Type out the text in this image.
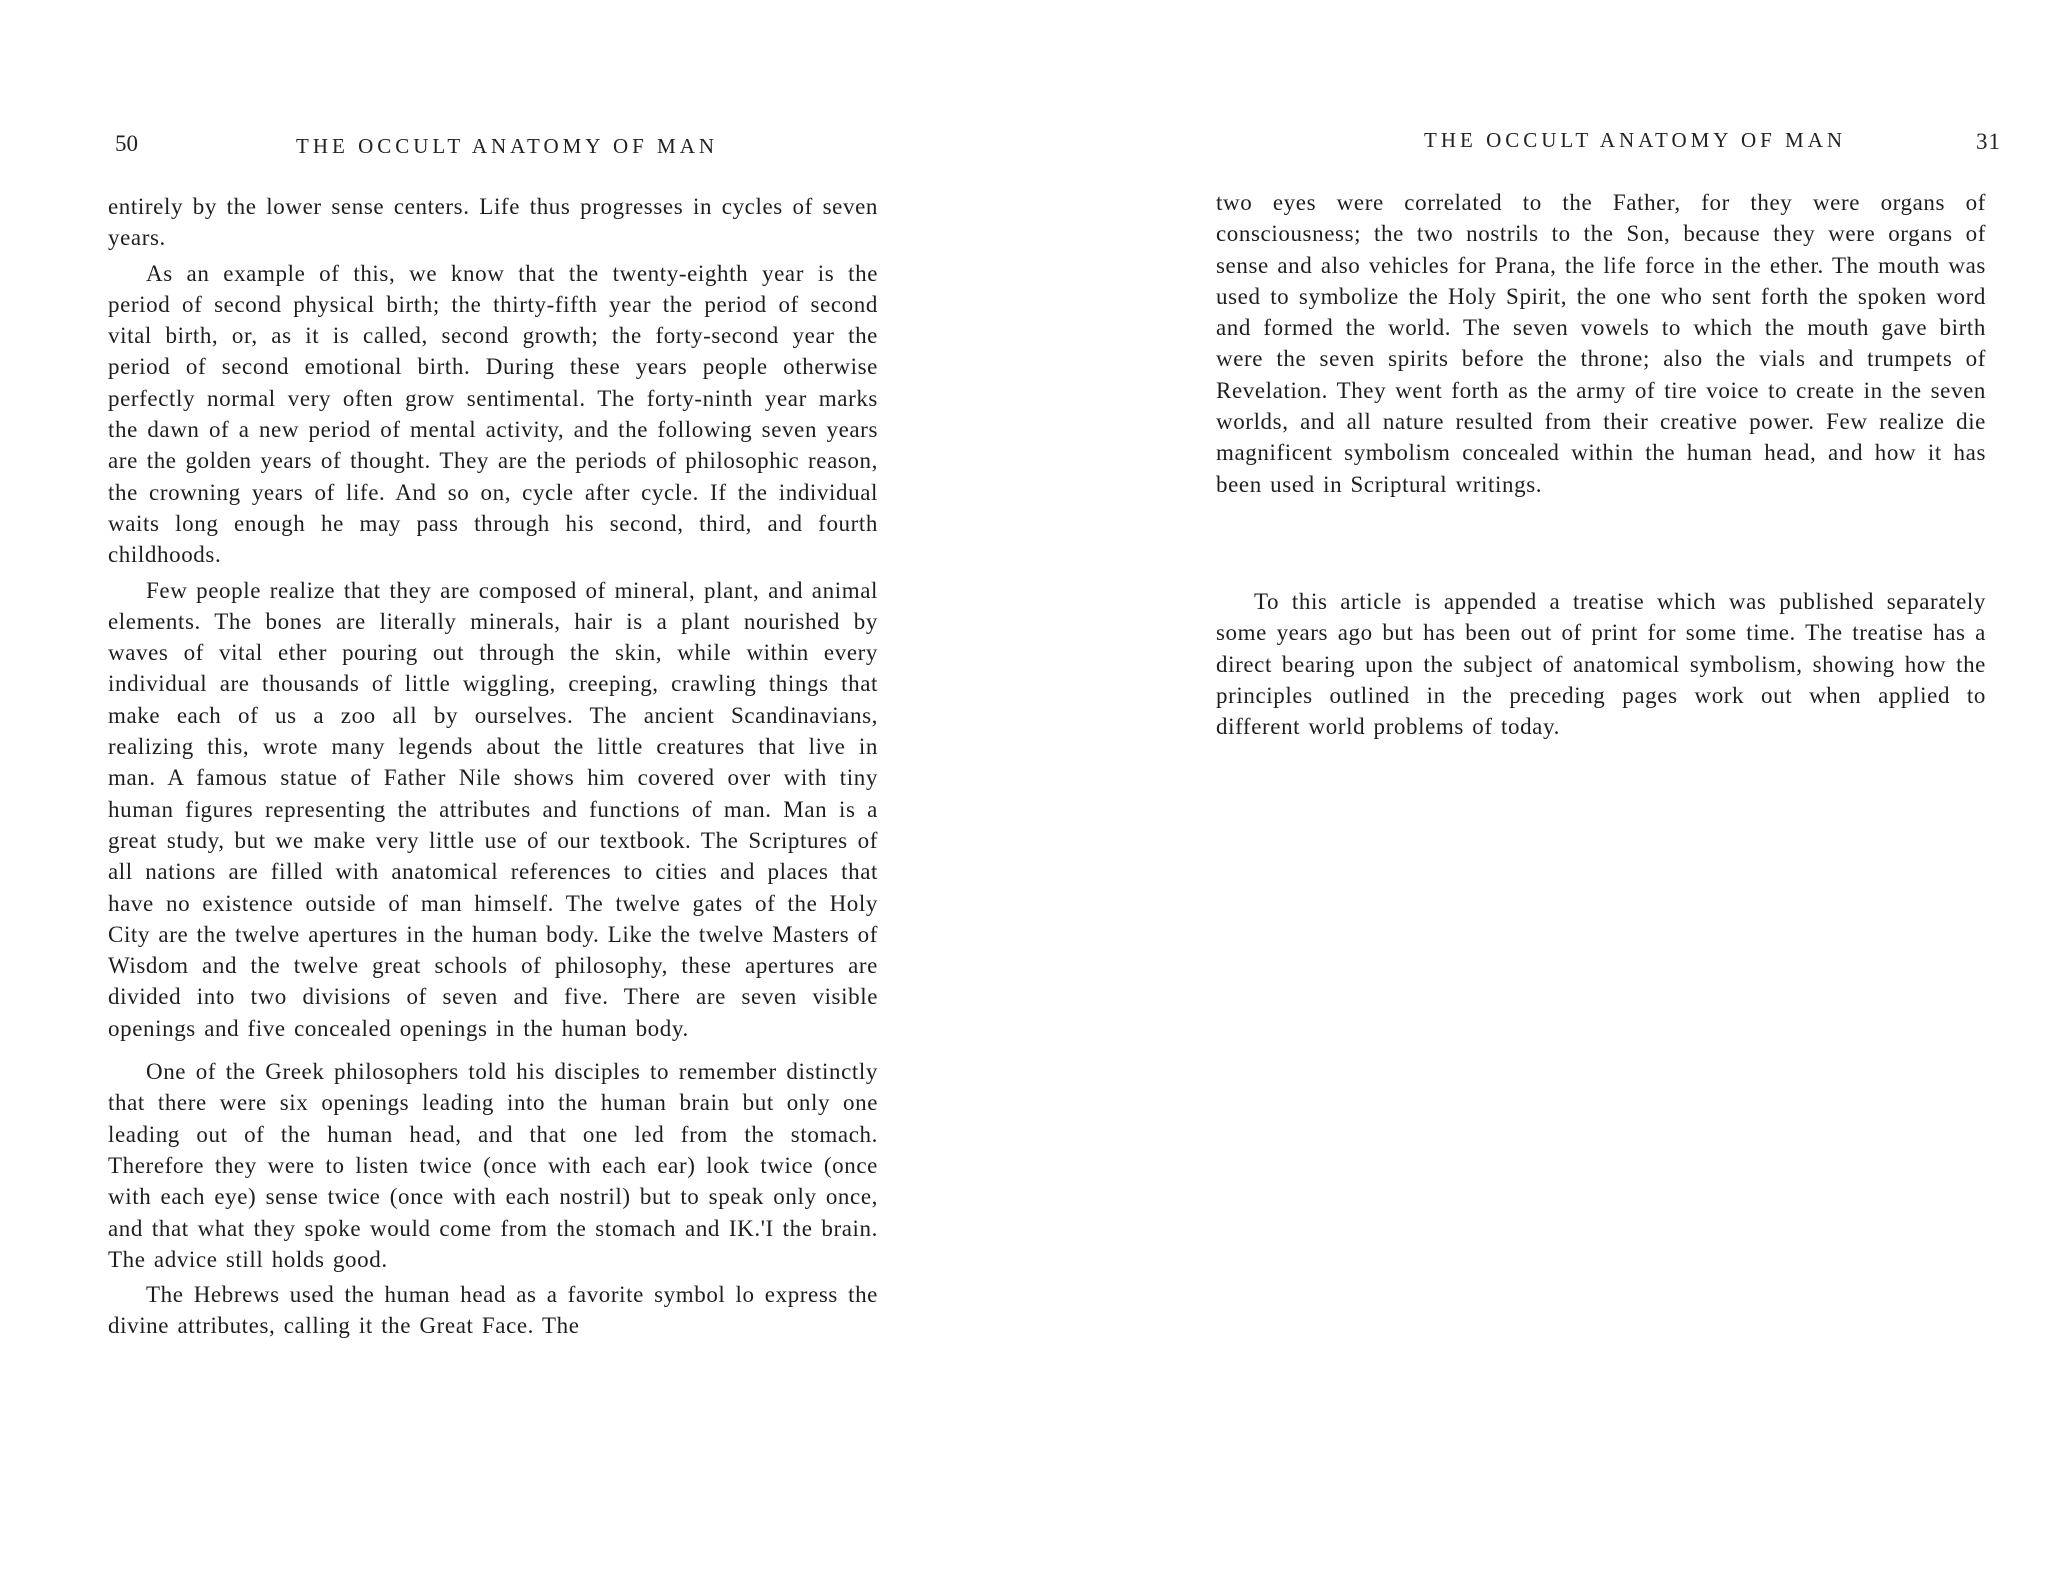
50	THE OCCULT ANATOMY OF MAN

entirely by the lower sense centers. Life thus progresses in cycles of seven years.

As an example of this, we know that the twenty-eighth year is the period of second physical birth; the thirty-fifth year the period of second vital birth, or, as it is called, second growth; the forty-second year the period of second emotional birth. During these years people otherwise perfectly normal very often grow sentimental. The forty-ninth year marks the dawn of a new period of mental activity, and the following seven years are the golden years of thought. They are the periods of philosophic reason, the crowning years of life. And so on, cycle after cycle. If the individual waits long enough he may pass through his second, third, and fourth childhoods.

Few people realize that they are composed of mineral, plant, and animal elements. The bones are literally minerals, hair is a plant nourished by waves of vital ether pouring out through the skin, while within every individual are thousands of little wiggling, creeping, crawling things that make each of us a zoo all by ourselves. The ancient Scandinavians, realizing this, wrote many legends about the little creatures that live in man. A famous statue of Father Nile shows him covered over with tiny human figures representing the attributes and functions of man. Man is a great study, but we make very little use of our textbook. The Scriptures of all nations are filled with anatomical references to cities and places that have no existence outside of man himself. The twelve gates of the Holy City are the twelve apertures in the human body. Like the twelve Masters of Wisdom and the twelve great schools of philosophy, these apertures are divided into two divisions of seven and five. There are seven visible openings and five concealed openings in the human body.

One of the Greek philosophers told his disciples to remember distinctly that there were six openings leading into the human brain but only one leading out of the human head, and that one led from the stomach. Therefore they were to listen twice (once with each ear) look twice (once with each eye) sense twice (once with each nostril) but to speak only once, and that what they spoke would come from the stomach and IK.'I the brain. The advice still holds good.

The Hebrews used the human head as a favorite symbol lo express the divine attributes, calling it the Great Face. The

THE OCCULT ANATOMY OF MAN	31

two eyes were correlated to the Father, for they were organs of consciousness; the two nostrils to the Son, because they were organs of sense and also vehicles for Prana, the life force in the ether. The mouth was used to symbolize the Holy Spirit, the one who sent forth the spoken word and formed the world. The seven vowels to which the mouth gave birth were the seven spirits before the throne; also the vials and trumpets of Revelation. They went forth as the army of tire voice to create in the seven worlds, and all nature resulted from their creative power. Few realize die magnificent symbolism concealed within the human head, and how it has been used in Scriptural writings.

To this article is appended a treatise which was published separately some years ago but has been out of print for some time. The treatise has a direct bearing upon the subject of anatomical symbolism, showing how the principles outlined in the preceding pages work out when applied to different world problems of today.
